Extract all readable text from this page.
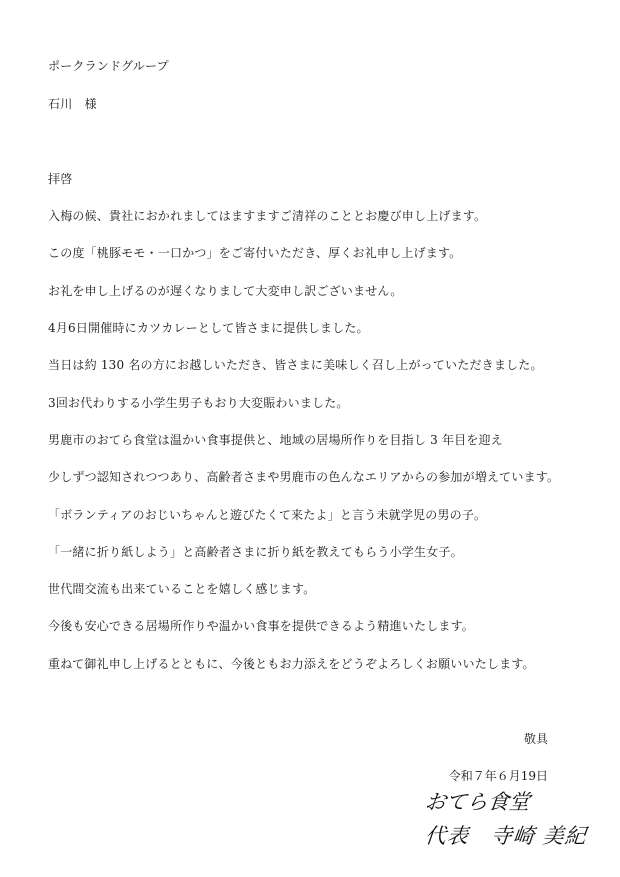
ポークランドグループ
石川　様
拝啓
入梅の候、貴社におかれましてはますますご清祥のこととお慶び申し上げます。
この度「桃豚モモ・一口かつ」をご寄付いただき、厚くお礼申し上げます。
お礼を申し上げるのが遅くなりまして大変申し訳ございません。
4月6日開催時にカツカレーとして皆さまに提供しました。
当日は約 130 名の方にお越しいただき、皆さまに美味しく召し上がっていただきました。
3回お代わりする小学生男子もおり大変賑わいました。
男鹿市のおてら食堂は温かい食事提供と、地域の居場所作りを目指し 3 年目を迎え
少しずつ認知されつつあり、高齢者さまや男鹿市の色んなエリアからの参加が増えています。
「ボランティアのおじいちゃんと遊びたくて来たよ」と言う未就学児の男の子。
「一緒に折り紙しよう」と高齢者さまに折り紙を教えてもらう小学生女子。
世代間交流も出来ていることを嬉しく感じます。
今後も安心できる居場所作りや温かい食事を提供できるよう精進いたします。
重ねて御礼申し上げるとともに、今後ともお力添えをどうぞよろしくお願いいたします。
敬具
令和７年６月19日
おてら食堂
代表　寺崎 美紀
